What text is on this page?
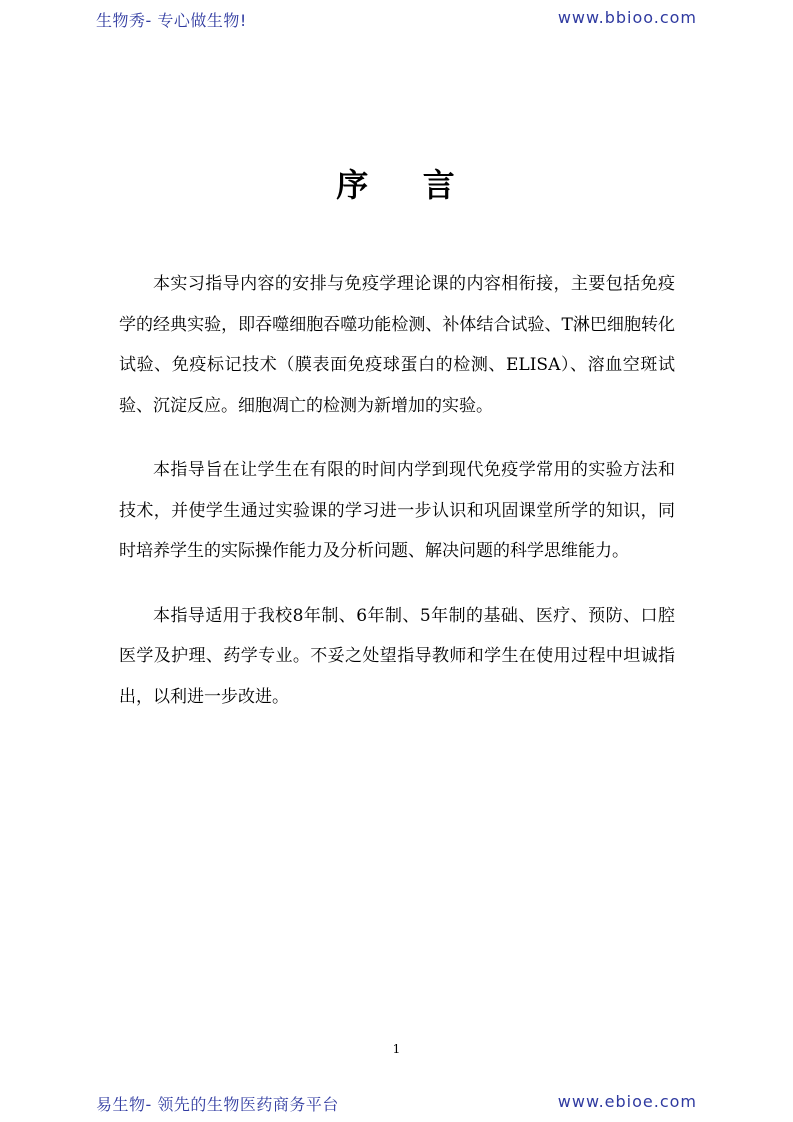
生物秀- 专心做生物!	www.bbioo.com
序    言

本实习指导内容的安排与免疫学理论课的内容相衔接，主要包括免疫学的经典实验，即吞噬细胞吞噬功能检测、补体结合试验、T淋巴细胞转化试验、免疫标记技术（膜表面免疫球蛋白的检测、ELISA）、溶血空斑试验、沉淀反应。细胞凋亡的检测为新增加的实验。

本指导旨在让学生在有限的时间内学到现代免疫学常用的实验方法和技术，并使学生通过实验课的学习进一步认识和巩固课堂所学的知识，同时培养学生的实际操作能力及分析问题、解决问题的科学思维能力。

本指导适用于我校8年制、6年制、5年制的基础、医疗、预防、口腔医学及护理、药学专业。不妥之处望指导教师和学生在使用过程中坦诚指出，以利进一步改进。

1
易生物- 领先的生物医药商务平台	www.ebioe.com
